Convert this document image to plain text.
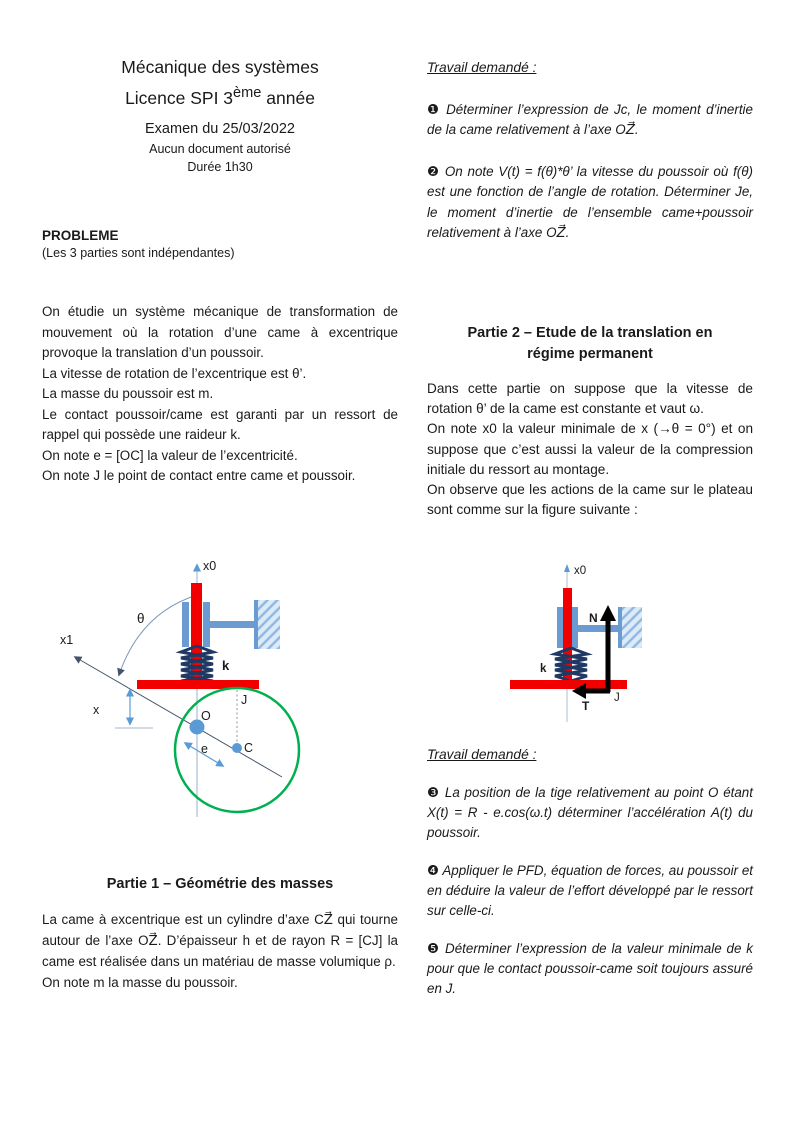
Mécanique des systèmes

Licence SPI 3ème année

Examen du 25/03/2022

Aucun document autorisé

Durée 1h30

PROBLEME

(Les 3 parties sont indépendantes)

On étudie un système mécanique de transformation de mouvement où la rotation d’une came à excentrique provoque la translation d’un poussoir.

La vitesse de rotation de l’excentrique est θ’.

La masse du poussoir est m.

Le contact poussoir/came est garanti par un ressort de rappel qui possède une raideur k.

On note e = [OC] la valeur de l’excentricité.

On note J le point de contact entre came et poussoir.

x0
x1
θ
k
J
x	O
C
e
Partie 1 – Géométrie des masses

La came à excentrique est un cylindre d’axe CZ⃗ qui tourne autour de l’axe OZ⃗. D’épaisseur h et de rayon R = [CJ] la came est réalisée dans un matériau de masse volumique ρ.

On note m la masse du poussoir.

Travail demandé :

❶ Déterminer l’expression de Jc, le moment d’inertie de la came relativement à l’axe OZ⃗.

❷ On note V(t) = f(θ)*θ’ la vitesse du poussoir où f(θ) est une fonction de l’angle de rotation. Déterminer Je, le moment d’inertie de l’ensemble came+poussoir relativement à l’axe OZ⃗.

Partie 2 – Etude de la translation en

régime permanent

Dans cette partie on suppose que la vitesse de rotation θ’ de la came est constante et vaut ω.

On note x0 la valeur minimale de x (→θ = 0°) et on suppose que c’est aussi la valeur de la compression initiale du ressort au montage.

On observe que les actions de la came sur le plateau sont comme sur la figure suivante :

x0
k
N
T
J
Travail demandé :

❸ La position de la tige relativement au point O étant X(t) = R - e.cos(ω.t) déterminer l’accélération A(t) du poussoir.

❹ Appliquer le PFD, équation de forces, au poussoir et en déduire la valeur de l’effort développé par le ressort sur celle-ci.

❺ Déterminer l’expression de la valeur minimale de k pour que le contact poussoir-came soit toujours assuré en J.
